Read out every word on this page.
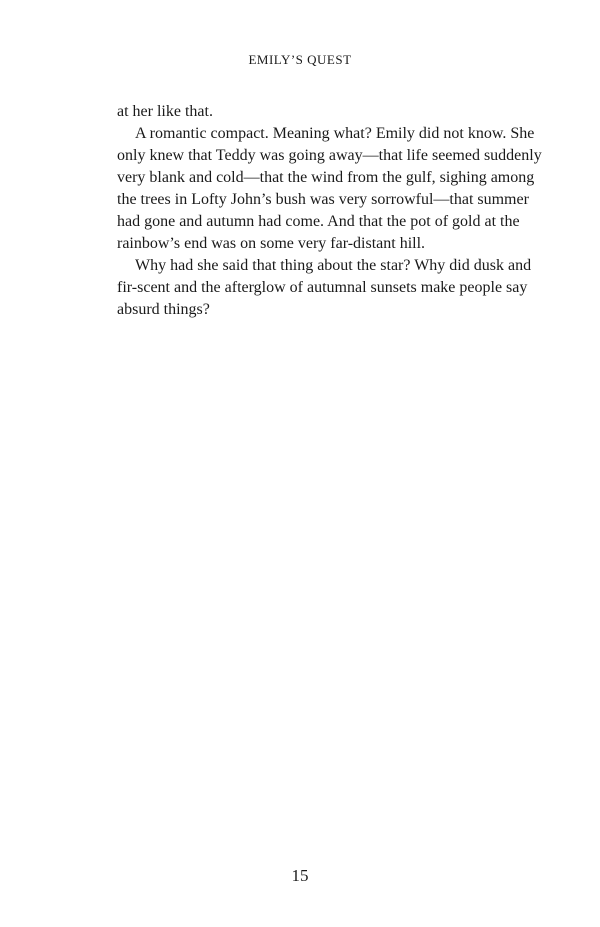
EMILY’S QUEST
at her like that.
A romantic compact. Meaning what? Emily did not know. She
only knew that Teddy was going away—that life seemed suddenly
very blank and cold—that the wind from the gulf, sighing among
the trees in Lofty John’s bush was very sorrowful—that summer
had gone and autumn had come. And that the pot of gold at the
rainbow’s end was on some very far-distant hill.
Why had she said that thing about the star? Why did dusk and
fir-scent and the afterglow of autumnal sunsets make people say
absurd things?
15
